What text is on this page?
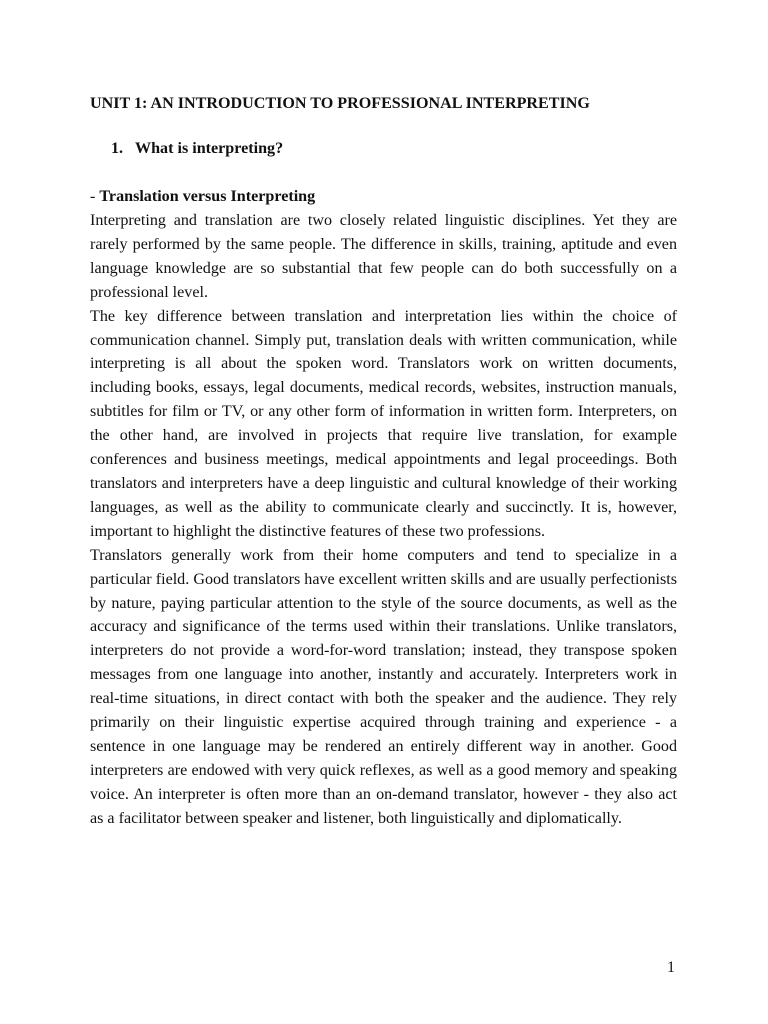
UNIT 1: AN INTRODUCTION TO PROFESSIONAL INTERPRETING

1. What is interpreting?

- Translation versus Interpreting

Interpreting and translation are two closely related linguistic disciplines. Yet they are rarely performed by the same people. The difference in skills, training, aptitude and even language knowledge are so substantial that few people can do both successfully on a professional level.

The key difference between translation and interpretation lies within the choice of communication channel. Simply put, translation deals with written communication, while interpreting is all about the spoken word. Translators work on written documents, including books, essays, legal documents, medical records, websites, instruction manuals, subtitles for film or TV, or any other form of information in written form. Interpreters, on the other hand, are involved in projects that require live translation, for example conferences and business meetings, medical appointments and legal proceedings. Both translators and interpreters have a deep linguistic and cultural knowledge of their working languages, as well as the ability to communicate clearly and succinctly. It is, however, important to highlight the distinctive features of these two professions.

Translators generally work from their home computers and tend to specialize in a particular field. Good translators have excellent written skills and are usually perfectionists by nature, paying particular attention to the style of the source documents, as well as the accuracy and significance of the terms used within their translations. Unlike translators, interpreters do not provide a word-for-word translation; instead, they transpose spoken messages from one language into another, instantly and accurately. Interpreters work in real-time situations, in direct contact with both the speaker and the audience. They rely primarily on their linguistic expertise acquired through training and experience - a sentence in one language may be rendered an entirely different way in another. Good interpreters are endowed with very quick reflexes, as well as a good memory and speaking voice. An interpreter is often more than an on-demand translator, however - they also act as a facilitator between speaker and listener, both linguistically and diplomatically.

1
